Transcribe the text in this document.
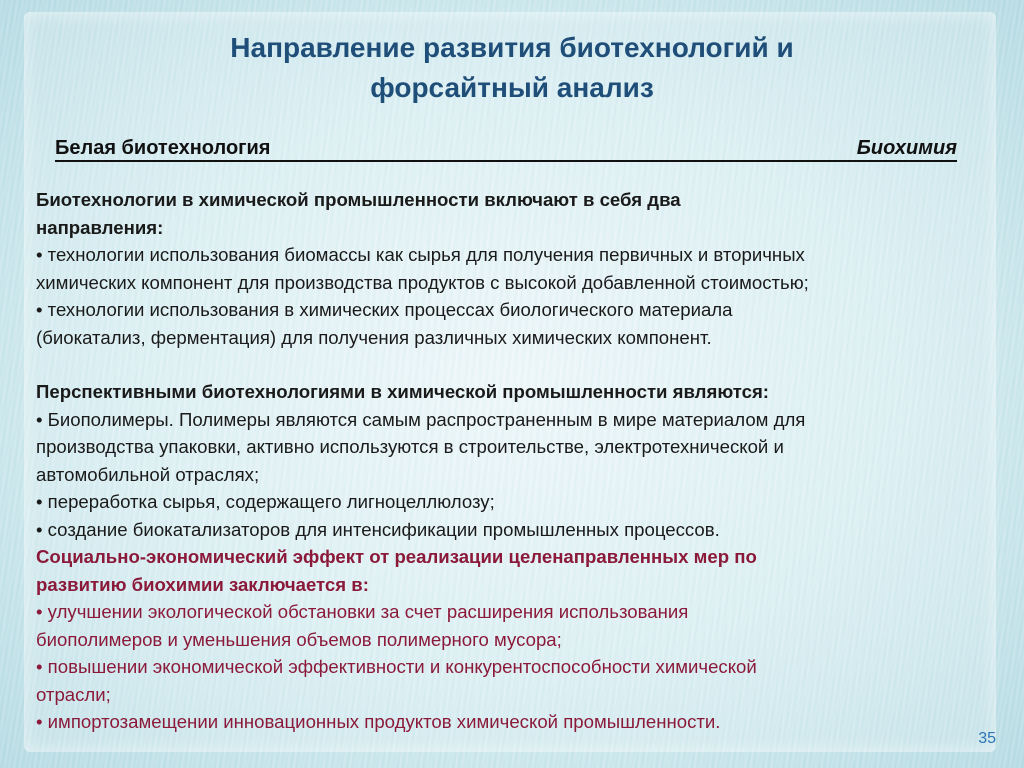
Направление развития биотехнологий и
форсайтный анализ
Белая биотехнология	Биохимия

Биотехнологии в химической промышленности включают в себя два

направления:

• технологии использования биомассы как сырья для получения первичных и вторичных

химических компонент для производства продуктов с высокой добавленной стоимостью;

• технологии использования в химических процессах биологического материала

(биокатализ, ферментация) для получения различных химических компонент.

Перспективными биотехнологиями в химической промышленности являются:

• Биополимеры. Полимеры являются самым распространенным в мире материалом для

производства упаковки, активно используются в строительстве, электротехнической и

автомобильной отраслях;

• переработка сырья, содержащего лигноцеллюлозу;

• создание биокатализаторов для интенсификации промышленных процессов.

Социально-экономический эффект от реализации целенаправленных мер по

развитию биохимии заключается в:

• улучшении экологической обстановки за счет расширения использования

биополимеров и уменьшения объемов полимерного мусора;

• повышении экономической эффективности и конкурентоспособности химической

отрасли;

• импортозамещении инновационных продуктов химической промышленности.

35
